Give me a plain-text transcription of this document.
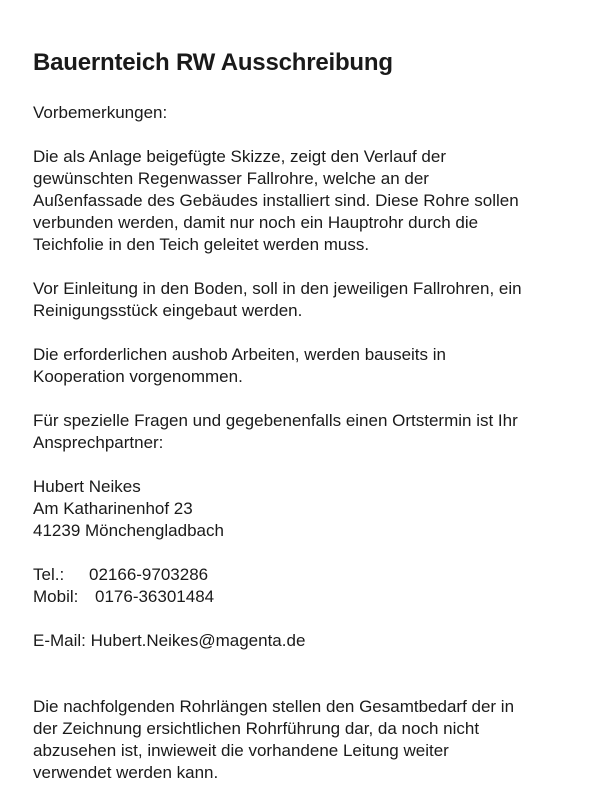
Bauernteich RW Ausschreibung
Vorbemerkungen:
Die als Anlage beigefügte Skizze, zeigt den Verlauf der
gewünschten Regenwasser Fallrohre, welche an der
Außenfassade des Gebäudes installiert sind. Diese Rohre sollen
verbunden werden, damit nur noch ein Hauptrohr durch die
Teichfolie in den Teich geleitet werden muss.
Vor Einleitung in den Boden, soll in den jeweiligen Fallrohren, ein
Reinigungsstück eingebaut werden.
Die erforderlichen aushob Arbeiten, werden bauseits in
Kooperation vorgenommen.
Für spezielle Fragen und gegebenenfalls einen Ortstermin ist Ihr
Ansprechpartner:
Hubert Neikes
Am Katharinenhof 23
41239 Mönchengladbach
Tel.: 02166-9703286
Mobil: 0176-36301484
E-Mail: Hubert.Neikes@magenta.de
Die nachfolgenden Rohrlängen stellen den Gesamtbedarf der in
der Zeichnung ersichtlichen Rohrführung dar, da noch nicht
abzusehen ist, inwieweit die vorhandene Leitung weiter
verwendet werden kann.
